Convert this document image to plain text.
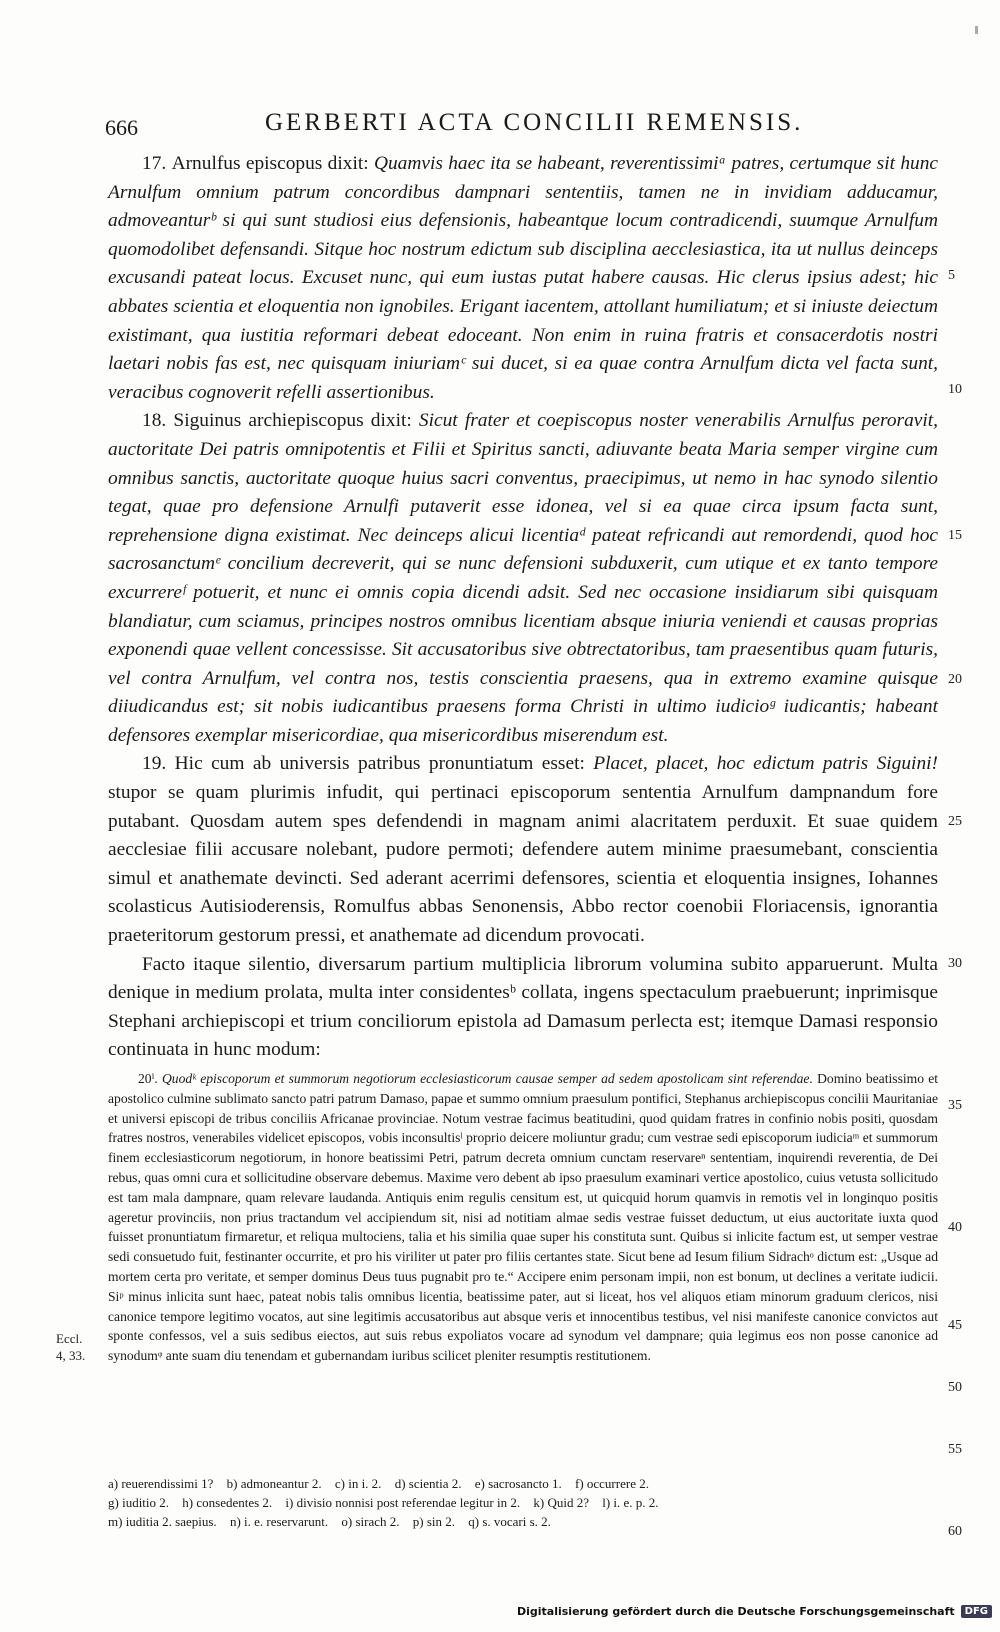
666	GERBERTI ACTA CONCILII REMENSIS.

17. Arnulfus episcopus dixit: Quamvis haec ita se habeant, reverentissimiᵃ patres, certumque sit hunc Arnulfum omnium patrum concordibus dampnari sententiis, tamen ne in invidiam adducamur, admoveanturᵇ si qui sunt studiosi eius defensionis, habeantque locum contradicendi, suumque Arnulfum quomodolibet defensandi. Sitque hoc nostrum edictum sub disciplina aecclesiastica, ita ut nullus deinceps excusandi pateat locus. Excuset nunc, qui eum iustas putat habere causas. Hic clerus ipsius adest; hic abbates scientia et eloquentia non ignobiles. Erigant iacentem, attollant humiliatum; et si iniuste deiectum existimant, qua iustitia reformari debeat edoceant. Non enim in ruina fratris et consacerdotis nostri laetari nobis fas est, nec quisquam iniuriamᶜ sui ducet, si ea quae contra Arnulfum dicta vel facta sunt, veracibus cognoverit refelli assertionibus.

18. Siguinus archiepiscopus dixit: Sicut frater et coepiscopus noster venerabilis Arnulfus peroravit, auctoritate Dei patris omnipotentis et Filii et Spiritus sancti, adiuvante beata Maria semper virgine cum omnibus sanctis, auctoritate quoque huius sacri conventus, praecipimus, ut nemo in hac synodo silentio tegat, quae pro defensione Arnulfi putaverit esse idonea, vel si ea quae circa ipsum facta sunt, reprehensione digna existimat. Nec deinceps alicui licentiaᵈ pateat refricandi aut remordendi, quod hoc sacrosanctumᵉ concilium decreverit, qui se nunc defensioni subduxerit, cum utique et ex tanto tempore excurrereᶠ potuerit, et nunc ei omnis copia dicendi adsit. Sed nec occasione insidiarum sibi quisquam blandiatur, cum sciamus, principes nostros omnibus licentiam absque iniuria veniendi et causas proprias exponendi quae vellent concessisse. Sit accusatoribus sive obtrectatoribus, tam praesentibus quam futuris, vel contra Arnulfum, vel contra nos, testis conscientia praesens, qua in extremo examine quisque diiudicandus est; sit nobis iudicantibus praesens forma Christi in ultimo iudicioᵍ iudicantis; habeant defensores exemplar misericordiae, qua misericordibus miserendum est.

19. Hic cum ab universis patribus pronuntiatum esset: Placet, placet, hoc edictum patris Siguini! stupor se quam plurimis infudit, qui pertinaci episcoporum sententia Arnulfum dampnandum fore putabant. Quosdam autem spes defendendi in magnam animi alacritatem perduxit. Et suae quidem aecclesiae filii accusare nolebant, pudore permoti; defendere autem minime praesumebant, conscientia simul et anathemate devincti. Sed aderant acerrimi defensores, scientia et eloquentia insignes, Iohannes scolasticus Autisioderensis, Romulfus abbas Senonensis, Abbo rector coenobii Floriacensis, ignorantia praeteritorum gestorum pressi, et anathemate ad dicendum provocati.

Facto itaque silentio, diversarum partium multiplicia librorum volumina subito apparuerunt. Multa denique in medium prolata, multa inter considentesᵇ collata, ingens spectaculum praebuerunt; inprimisque Stephani archiepiscopi et trium conciliorum epistola ad Damasum perlecta est; itemque Damasi responsio continuata in hunc modum:

20ⁱ. Quodᵏ episcoporum et summorum negotiorum ecclesiasticorum causae semper ad sedem apostolicam sint referendae. Domino beatissimo et apostolico culmine sublimato sancto patri patrum Damaso, papae et summo omnium praesulum pontifici, Stephanus archiepiscopus concilii Mauritaniae et universi episcopi de tribus conciliis Africanae provinciae. Notum vestrae facimus beatitudini, quod quidam fratres in confinio nobis positi, quosdam fratres nostros, venerabiles videlicet episcopos, vobis inconsultisˡ proprio deicere moliuntur gradu; cum vestrae sedi episcoporum iudiciaᵐ et summorum finem ecclesiasticorum negotiorum, in honore beatissimi Petri, patrum decreta omnium cunctam reservareⁿ sententiam, inquirendi reverentia, de Dei rebus, quas omni cura et sollicitudine observare debemus. Maxime vero debent ab ipso praesulum examinari vertice apostolico, cuius vetusta sollicitudo est tam mala dampnare, quam relevare laudanda. Antiquis enim regulis censitum est, ut quicquid horum quamvis in remotis vel in longinquo positis ageretur provinciis, non prius tractandum vel accipiendum sit, nisi ad notitiam almae sedis vestrae fuisset deductum, ut eius auctoritate iuxta quod fuisset pronuntiatum firmaretur, et reliqua multociens, talia et his similia quae super his constituta sunt. Quibus si inlicite factum est, ut semper vestrae sedi consuetudo fuit, festinanter occurrite, et pro his viriliter ut pater pro filiis certantes state. Sicut bene ad Iesum filium Sidrachᵒ dictum est: „Usque ad mortem certa pro veritate, et semper dominus Deus tuus pugnabit pro te.“ Accipere enim personam impii, non est bonum, ut declines a veritate iudicii. Siᵖ minus inlicita sunt haec, pateat nobis talis omnibus licentia, beatissime pater, aut si liceat, hos vel aliquos etiam minorum graduum clericos, nisi canonice tempore legitimo vocatos, aut sine legitimis accusatoribus aut absque veris et innocentibus testibus, vel nisi manifeste canonice convictos aut sponte confessos, vel a suis sedibus eiectos, aut suis rebus expoliatos vocare ad synodum vel dampnare; quia legimus eos non posse canonice ad synodumᵠ ante suam diu tenendam et gubernandam iuribus scilicet pleniter resumptis restitutionem.

5
10
15
20
25
30
35
40
45
50
55
60
Eccl.
4, 33.
a) reuerendissimi 1? b) admoneantur 2. c) in i. 2. d) scientia 2. e) sacrosancto 1. f) occurrere 2.
g) iuditio 2. h) consedentes 2. i) divisio nonnisi post referendae legitur in 2. k) Quid 2? l) i. e. p. 2.
m) iuditia 2. saepius. n) i. e. reservarunt. o) sirach 2. p) sin 2. q) s. vocari s. 2.
Digitalisierung gefördert durch die Deutsche Forschungsgemeinschaft	DFG
